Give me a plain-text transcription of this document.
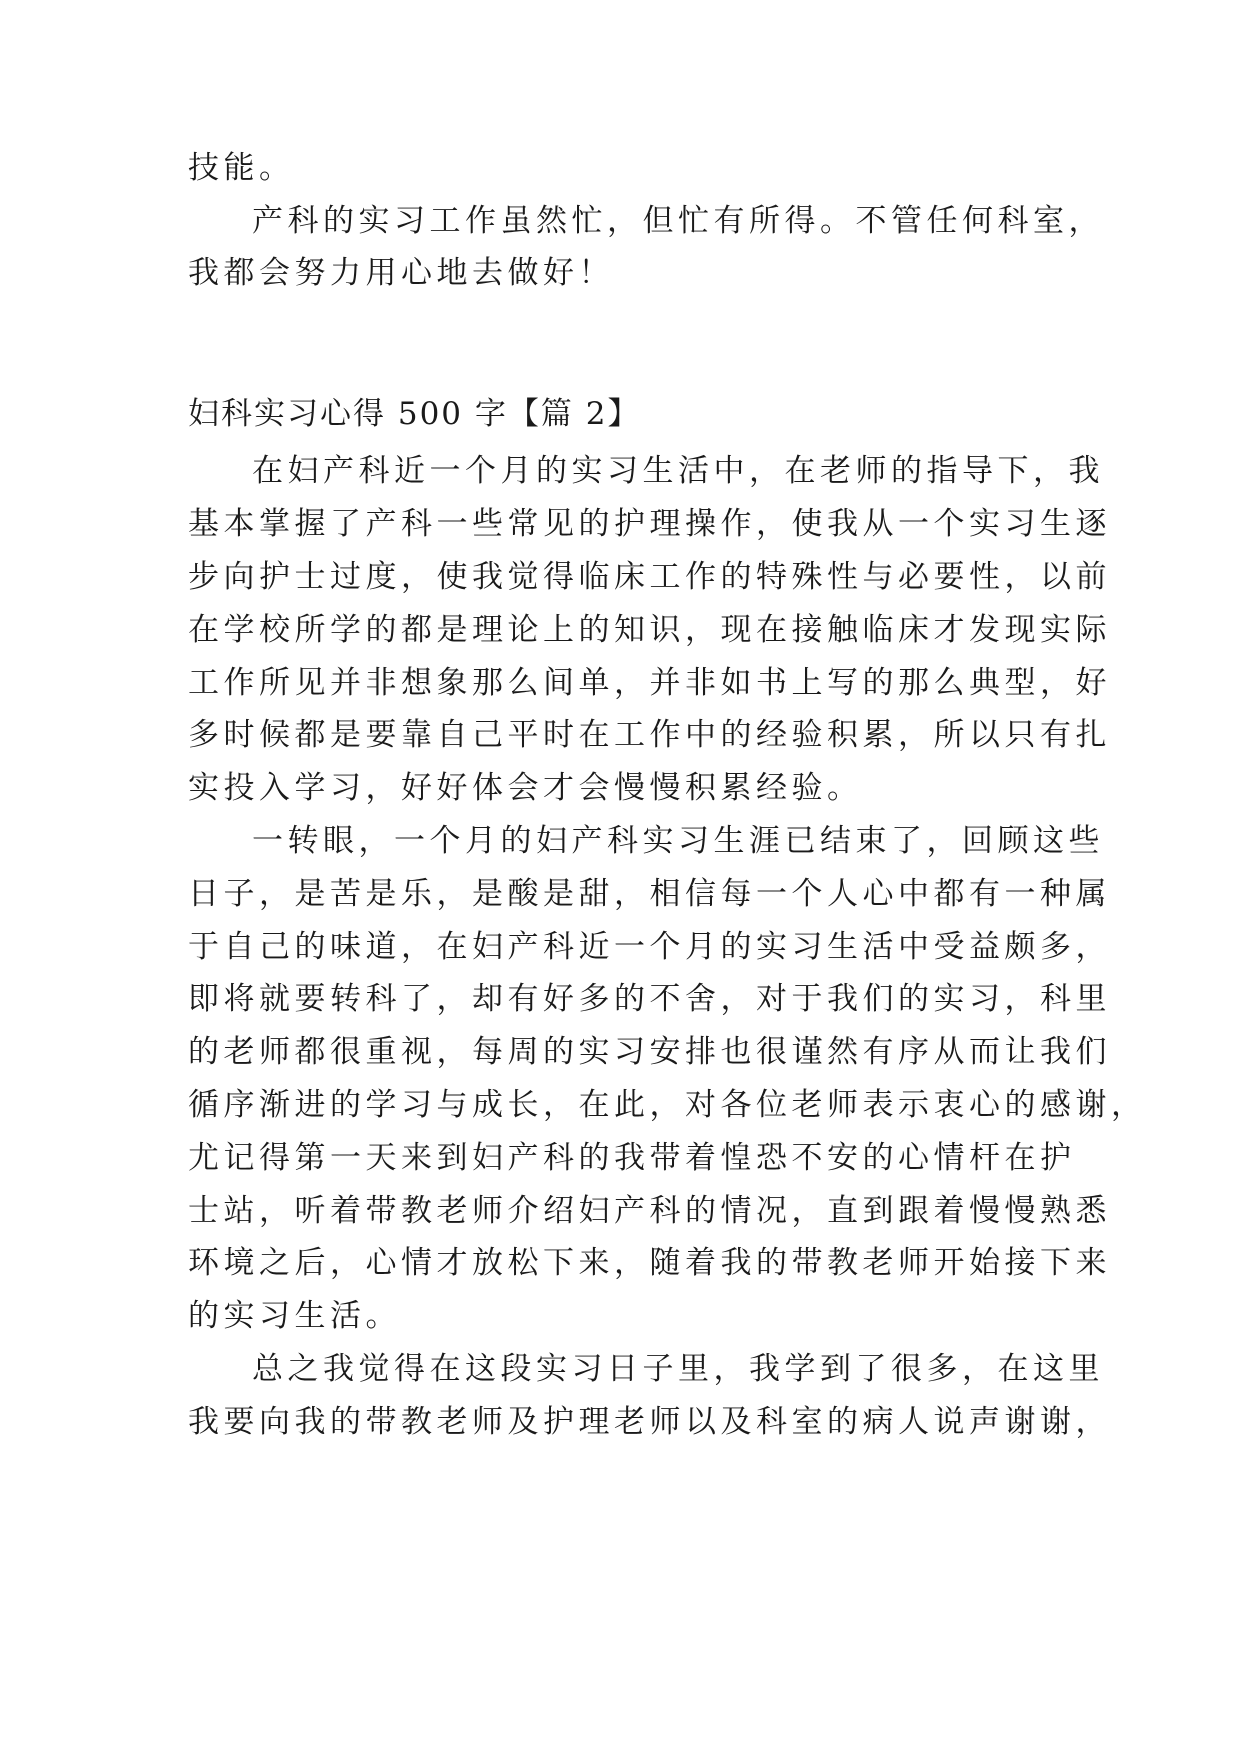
技能。
产科的实习工作虽然忙，但忙有所得。不管任何科室，
我都会努力用心地去做好！
妇科实习心得 500 字【篇 2】
在妇产科近一个月的实习生活中，在老师的指导下，我
基本掌握了产科一些常见的护理操作，使我从一个实习生逐
步向护士过度，使我觉得临床工作的特殊性与必要性，以前
在学校所学的都是理论上的知识，现在接触临床才发现实际
工作所见并非想象那么间单，并非如书上写的那么典型，好
多时候都是要靠自己平时在工作中的经验积累，所以只有扎
实投入学习，好好体会才会慢慢积累经验。
一转眼，一个月的妇产科实习生涯已结束了，回顾这些
日子，是苦是乐，是酸是甜，相信每一个人心中都有一种属
于自己的味道，在妇产科近一个月的实习生活中受益颇多，
即将就要转科了，却有好多的不舍，对于我们的实习，科里
的老师都很重视，每周的实习安排也很谨然有序从而让我们
循序渐进的学习与成长，在此，对各位老师表示衷心的感谢，
尤记得第一天来到妇产科的我带着惶恐不安的心情杆在护
士站，听着带教老师介绍妇产科的情况，直到跟着慢慢熟悉
环境之后，心情才放松下来，随着我的带教老师开始接下来
的实习生活。
总之我觉得在这段实习日子里，我学到了很多，在这里
我要向我的带教老师及护理老师以及科室的病人说声谢谢，
